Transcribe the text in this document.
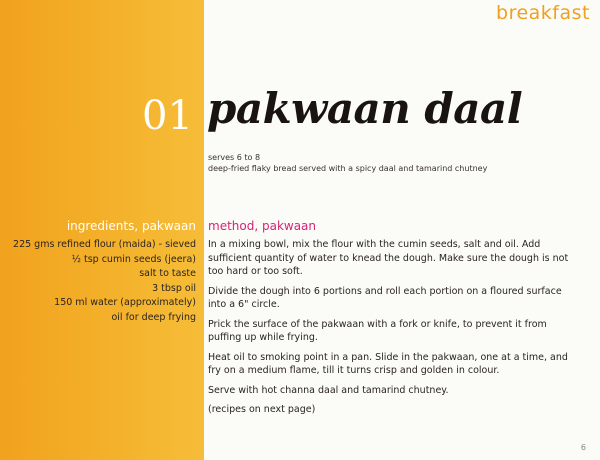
breakfast
01 pakwaan daal
serves 6 to 8
deep-fried flaky bread served with a spicy daal and tamarind chutney
ingredients, pakwaan
225 gms refined flour (maida) - sieved
½ tsp cumin seeds (jeera)
salt to taste
3 tbsp oil
150 ml water (approximately)
oil for deep frying
method, pakwaan

In a mixing bowl, mix the flour with the cumin seeds, salt and oil. Add sufficient quantity of water to knead the dough. Make sure the dough is not too hard or too soft.

Divide the dough into 6 portions and roll each portion on a floured surface into a 6" circle.

Prick the surface of the pakwaan with a fork or knife, to prevent it from puffing up while frying.

Heat oil to smoking point in a pan. Slide in the pakwaan, one at a time, and fry on a medium flame, till it turns crisp and golden in colour.

Serve with hot channa daal and tamarind chutney.

(recipes on next page)

6
